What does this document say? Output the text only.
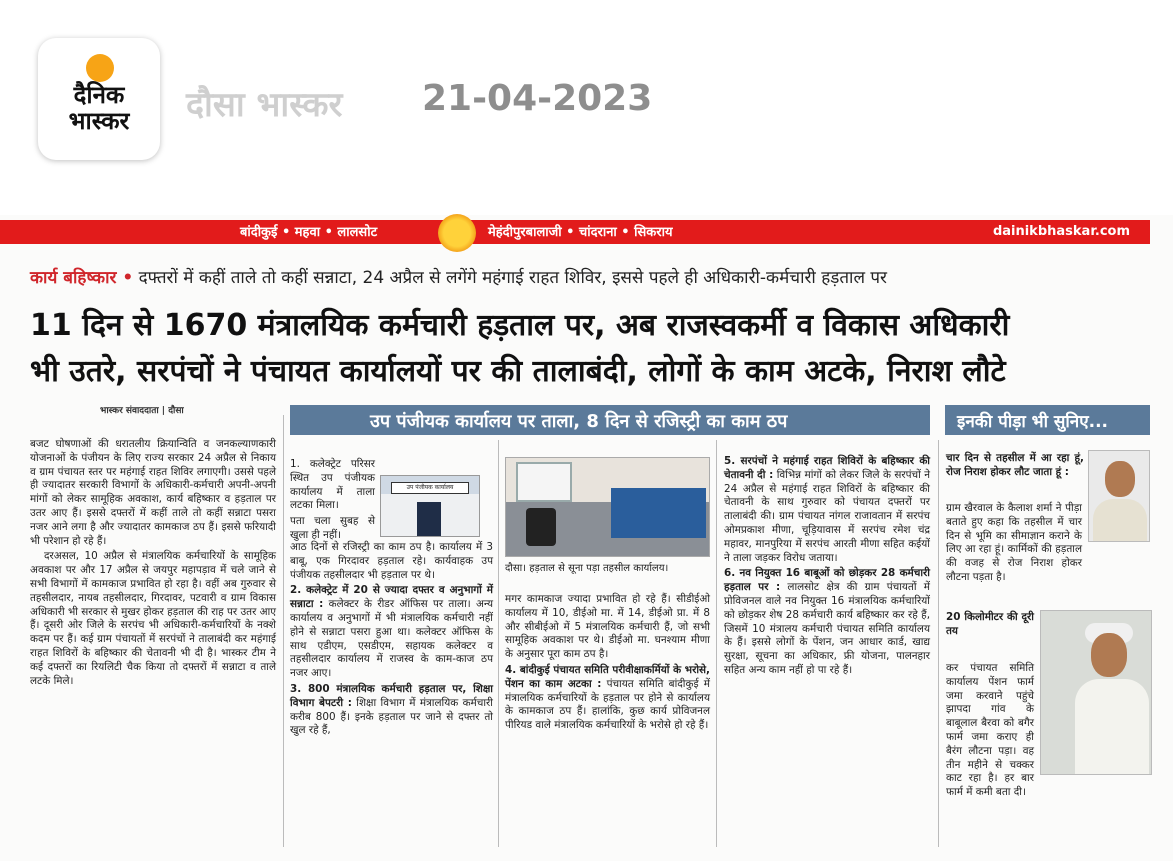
दैनिक भास्कर	दौसा भास्कर 21-04-2023
बांदीकुई • महवा • लालसोट	मेहंदीपुरबालाजी • चांदराना • सिकराय	dainikbhaskar.com
कार्य बहिष्कार • दफ्तरों में कहीं ताले तो कहीं सन्नाटा, 24 अप्रैल से लगेंगे महंगाई राहत शिविर, इससे पहले ही अधिकारी-कर्मचारी हड़ताल पर
11 दिन से 1670 मंत्रालयिक कर्मचारी हड़ताल पर, अब राजस्वकर्मी व विकास अधिकारी
भी उतरे, सरपंचों ने पंचायत कार्यालयों पर की तालाबंदी, लोगों के काम अटके, निराश लौटे
भास्कर संवाददाता | दौसा	उप पंजीयक कार्यालय पर ताला, 8 दिन से रजिस्ट्री का काम ठप	इनकी पीड़ा भी सुनिए...

बजट घोषणाओं की धरातलीय क्रियान्विति व जनकल्याणकारी योजनाओं के पंजीयन के लिए राज्य सरकार 24 अप्रैल से निकाय व ग्राम पंचायत स्तर पर महंगाई राहत शिविर लगाएगी। उससे पहले ही ज्यादातर सरकारी विभागों के अधिकारी-कर्मचारी अपनी-अपनी मांगों को लेकर सामूहिक अवकाश, कार्य बहिष्कार व हड़ताल पर उतर आए हैं। इससे दफ्तरों में कहीं ताले तो कहीं सन्नाटा पसरा नजर आने लगा है और ज्यादातर कामकाज ठप हैं। इससे फरियादी भी परेशान हो रहे हैं।

दरअसल, 10 अप्रैल से मंत्रालयिक कर्मचारियों के सामूहिक अवकाश पर और 17 अप्रैल से जयपुर महापड़ाव में चले जाने से सभी विभागों में कामकाज प्रभावित हो रहा है। वहीं अब गुरुवार से तहसीलदार, नायब तहसीलदार, गिरदावर, पटवारी व ग्राम विकास अधिकारी भी सरकार से मुखर होकर हड़ताल की राह पर उतर आए हैं। दूसरी ओर जिले के सरपंच भी अधिकारी-कर्मचारियों के नक्शे कदम पर हैं। कई ग्राम पंचायतों में सरपंचों ने तालाबंदी कर महंगाई राहत शिविरों के बहिष्कार की चेतावनी भी दी है। भास्कर टीम ने कई दफ्तरों का रियलिटी चैक किया तो दफ्तरों में सन्नाटा व ताले लटके मिले।

1. कलेक्ट्रेट परिसर स्थित उप पंजीयक कार्यालय में ताला लटका मिला।

पता चला सुबह से खुला ही नहीं।

उप पंजीयक कार्यालय

आठ दिनों से रजिस्ट्री का काम ठप है। कार्यालय में 3 बाबू, एक गिरदावर हड़ताल रहे। कार्यवाहक उप पंजीयक तहसीलदार भी हड़ताल पर थे।

2. कलेक्ट्रेट में 20 से ज्यादा दफ्तर व अनुभागों में सन्नाटा : कलेक्टर के रीडर ऑफिस पर ताला। अन्य कार्यालय व अनुभागों में भी मंत्रालयिक कर्मचारी नहीं होने से सन्नाटा पसरा हुआ था। कलेक्टर ऑफिस के साथ एडीएम, एसडीएम, सहायक कलेक्टर व तहसीलदार कार्यालय में राजस्व के काम-काज ठप नजर आए।

3. 800 मंत्रालयिक कर्मचारी हड़ताल पर, शिक्षा विभाग बेपटरी : शिक्षा विभाग में मंत्रालयिक कर्मचारी करीब 800 हैं। इनके हड़ताल पर जाने से दफ्तर तो खुल रहे हैं,

दौसा। हड़ताल से सूना पड़ा तहसील कार्यालय।

मगर कामकाज ज्यादा प्रभावित हो रहे हैं। सीडीईओ कार्यालय में 10, डीईओ मा. में 14, डीईओ प्रा. में 8 और सीबीईओ में 5 मंत्रालयिक कर्मचारी हैं, जो सभी सामूहिक अवकाश पर थे। डीईओ मा. घनश्याम मीणा के अनुसार पूरा काम ठप है।

4. बांदीकुई पंचायत समिति परीवीक्षाकर्मियों के भरोसे, पेंशन का काम अटका : पंचायत समिति बांदीकुई में मंत्रालयिक कर्मचारियों के हड़ताल पर होने से कार्यालय के कामकाज ठप हैं। हालांकि, कुछ कार्य प्रोविजनल पीरियड वाले मंत्रालयिक कर्मचारियों के भरोसे हो रहे हैं।

5. सरपंचों ने महंगाई राहत शिविरों के बहिष्कार की चेतावनी दी : विभिन्न मांगों को लेकर जिले के सरपंचों ने 24 अप्रैल से महंगाई राहत शिविरों के बहिष्कार की चेतावनी के साथ गुरुवार को पंचायत दफ्तरों पर तालाबंदी की। ग्राम पंचायत नांगल राजावतान में सरपंच ओमप्रकाश मीणा, चूड़ियावास में सरपंच रमेश चंद्र महावर, मानपुरिया में सरपंच आरती मीणा सहित कईयों ने ताला जड़कर विरोध जताया।

6. नव नियुक्त 16 बाबूओं को छोड़कर 28 कर्मचारी हड़ताल पर : लालसोट क्षेत्र की ग्राम पंचायतों में प्रोविजनल वाले नव नियुक्त 16 मंत्रालयिक कर्मचारियों को छोड़कर शेष 28 कर्मचारी कार्य बहिष्कार कर रहे हैं, जिसमें 10 मंत्रालय कर्मचारी पंचायत समिति कार्यालय के हैं। इससे लोगों के पेंशन, जन आधार कार्ड, खाद्य सुरक्षा, सूचना का अधिकार, फ्री योजना, पालनहार सहित अन्य काम नहीं हो पा रहे हैं।

चार दिन से तहसील में आ रहा हूं, रोज निराश होकर लौट जाता हूं :

ग्राम खैरवाल के कैलाश शर्मा ने पीड़ा बताते हुए कहा कि तहसील में चार दिन से भूमि का सीमाज्ञान कराने के लिए आ रहा हूं। कार्मिकों की हड़ताल की वजह से रोज निराश होकर लौटना पड़ता है।

20 किलोमीटर की दूरी तय

कर पंचायत समिति कार्यालय पेंशन फार्म जमा करवाने पहुंचे झापदा गांव के बाबूलाल बैरवा को बगैर फार्म जमा कराए ही बैरंग लौटना पड़ा। वह तीन महीने से चक्कर काट रहा है। हर बार फार्म में कमी बता दी।
